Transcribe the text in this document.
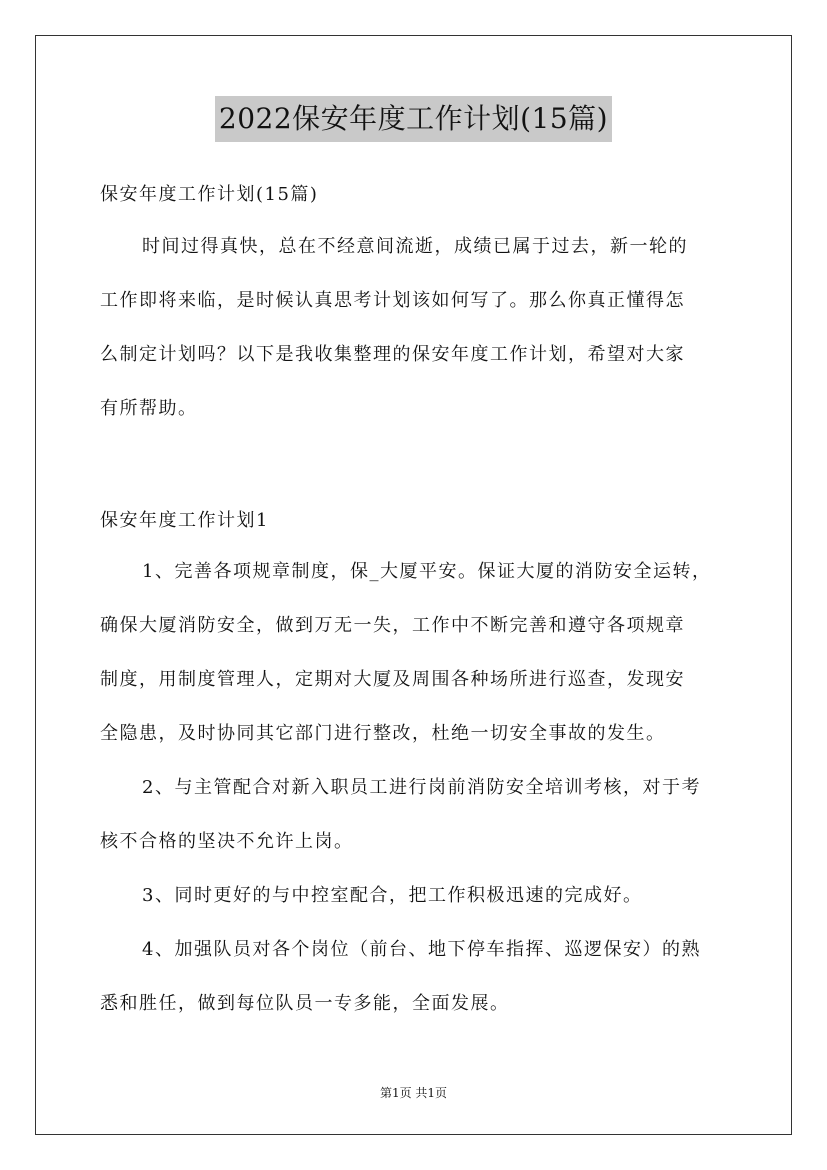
2022保安年度工作计划(15篇)
保安年度工作计划(15篇)
时间过得真快，总在不经意间流逝，成绩已属于过去，新一轮的
工作即将来临，是时候认真思考计划该如何写了。那么你真正懂得怎
么制定计划吗？以下是我收集整理的保安年度工作计划，希望对大家
有所帮助。
保安年度工作计划1
1、完善各项规章制度，保_大厦平安。保证大厦的消防安全运转，
确保大厦消防安全，做到万无一失，工作中不断完善和遵守各项规章
制度，用制度管理人，定期对大厦及周围各种场所进行巡查，发现安
全隐患，及时协同其它部门进行整改，杜绝一切安全事故的发生。
2、与主管配合对新入职员工进行岗前消防安全培训考核，对于考
核不合格的坚决不允许上岗。
3、同时更好的与中控室配合，把工作积极迅速的完成好。
4、加强队员对各个岗位（前台、地下停车指挥、巡逻保安）的熟
悉和胜任，做到每位队员一专多能，全面发展。
第1页 共1页
